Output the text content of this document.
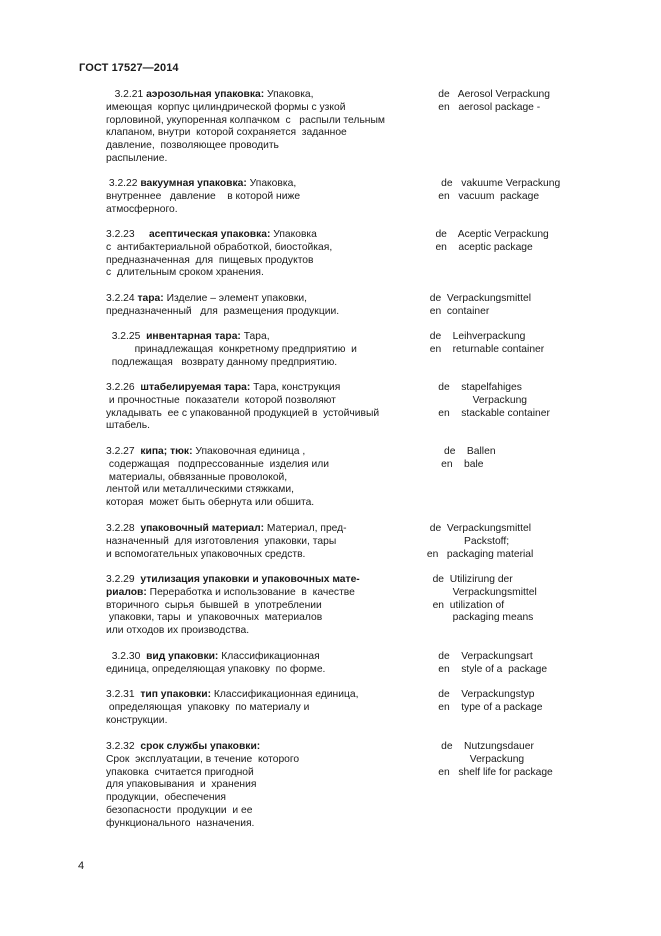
ГОСТ 17527—2014
3.2.21 аэрозольная упаковка: Упаковка,
имеющая  корпус цилиндрической формы с узкой
горловиной, укупоренная колпачком  с   распыли тельным
клапаном, внутри  которой сохраняется  заданное
давление,  позволяющее проводить
распыление.
de   Aerosol Verpackung
en   aerosol package -
3.2.22 вакуумная упаковка: Упаковка,
внутреннее   давление    в которой ниже
атмосферного.
de   vakuume Verpackung
en   vacuum  package
3.2.23     асептическая упаковка: Упаковка
с  антибактериальной обработкой, биостойкая,
предназначенная  для  пищевых продуктов
с  длительным сроком хранения.
de    Aceptic Verpackung
en    aceptic package
3.2.24 тара: Изделие – элемент упаковки,
предназначенный   для  размещения продукции.
de  Verpackungsmittel
en  container
3.2.25  инвентарная тара: Тара,
принадлежащая  конкретному предприятию  и
подлежащая   возврату данному предприятию.
de    Leihverpackung
en    returnable container
3.2.26  штабелируемая тара: Тара, конструкция
и прочностные  показатели  которой позволяют
укладывать  ее с упакованной продукцией в  устойчивый
штабель.
de    stapelfahiges
Verpackung
en    stackable container
3.2.27  кипа; тюк: Упаковочная единица ,
содержащая   подпрессованные  изделия или
материалы, обвязанные проволокой,
лентой или металлическими стяжками,
которая  может быть обернута или обшита.
de    Ballen
en    bale
3.2.28  упаковочный материал: Материал, пред-
назначенный  для изготовления  упаковки, тары
и вспомогательных упаковочных средств.
de  Verpackungsmittel
Packstoff;
en   packaging material
3.2.29  утилизация упаковки и упаковочных мате-
риалов: Переработка и использование  в  качестве
вторичного  сырья  бывшей  в  употреблении
упаковки, тары  и  упаковочных  материалов
или отходов их производства.
de  Utilizirung der
Verpackungsmittel
en  utilization of
packaging means
3.2.30  вид упаковки: Классификационная
единица, определяющая упаковку  по форме.
de    Verpackungsart
en    style of a  package
3.2.31  тип упаковки: Классификационная единица,
определяющая  упаковку  по материалу и
конструкции.
de    Verpackungstyp
en    type of a package
3.2.32  срок службы упаковки:
Срок  эксплуатации, в течение  которого
упаковка  считается пригодной
для упаковывания  и  хранения
продукции,  обеспечения
безопасности  продукции  и ее
функционального  назначения.
de    Nutzungsdauer
Verpackung
en   shelf life for package
4
